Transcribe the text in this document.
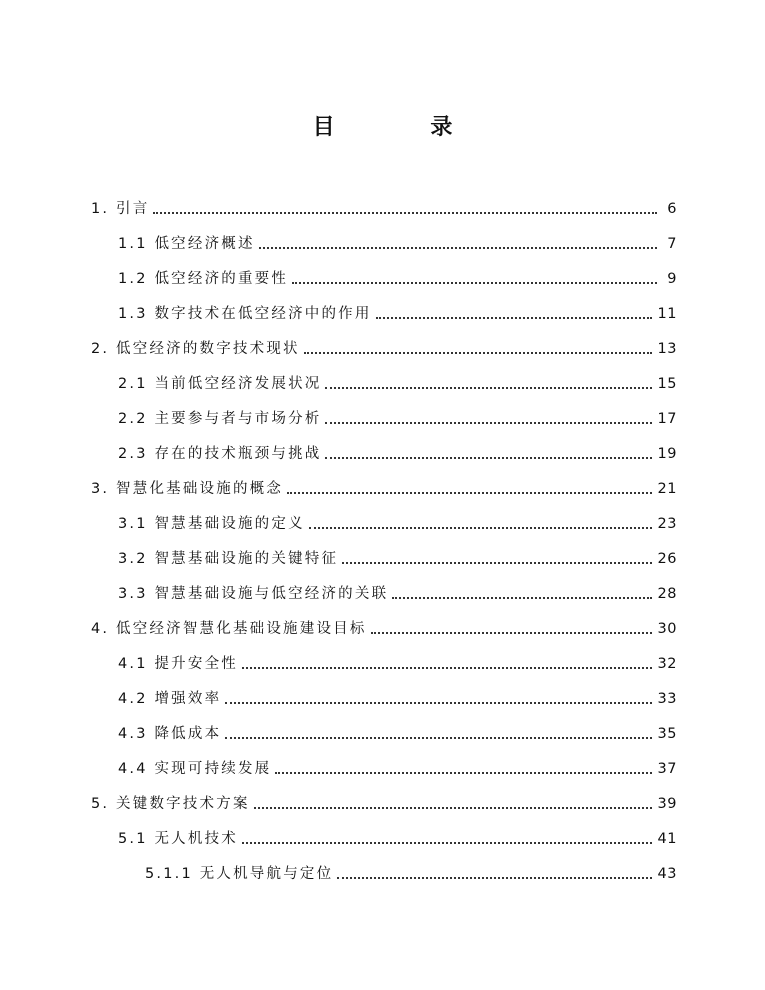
目 录
1. 引言	6
1.1 低空经济概述	7
1.2 低空经济的重要性	9
1.3 数字技术在低空经济中的作用	11
2. 低空经济的数字技术现状	13
2.1 当前低空经济发展状况	15
2.2 主要参与者与市场分析	17
2.3 存在的技术瓶颈与挑战	19
3. 智慧化基础设施的概念	21
3.1 智慧基础设施的定义	23
3.2 智慧基础设施的关键特征	26
3.3 智慧基础设施与低空经济的关联	28
4. 低空经济智慧化基础设施建设目标	30
4.1 提升安全性	32
4.2 增强效率	33
4.3 降低成本	35
4.4 实现可持续发展	37
5. 关键数字技术方案	39
5.1 无人机技术	41
5.1.1 无人机导航与定位	43
